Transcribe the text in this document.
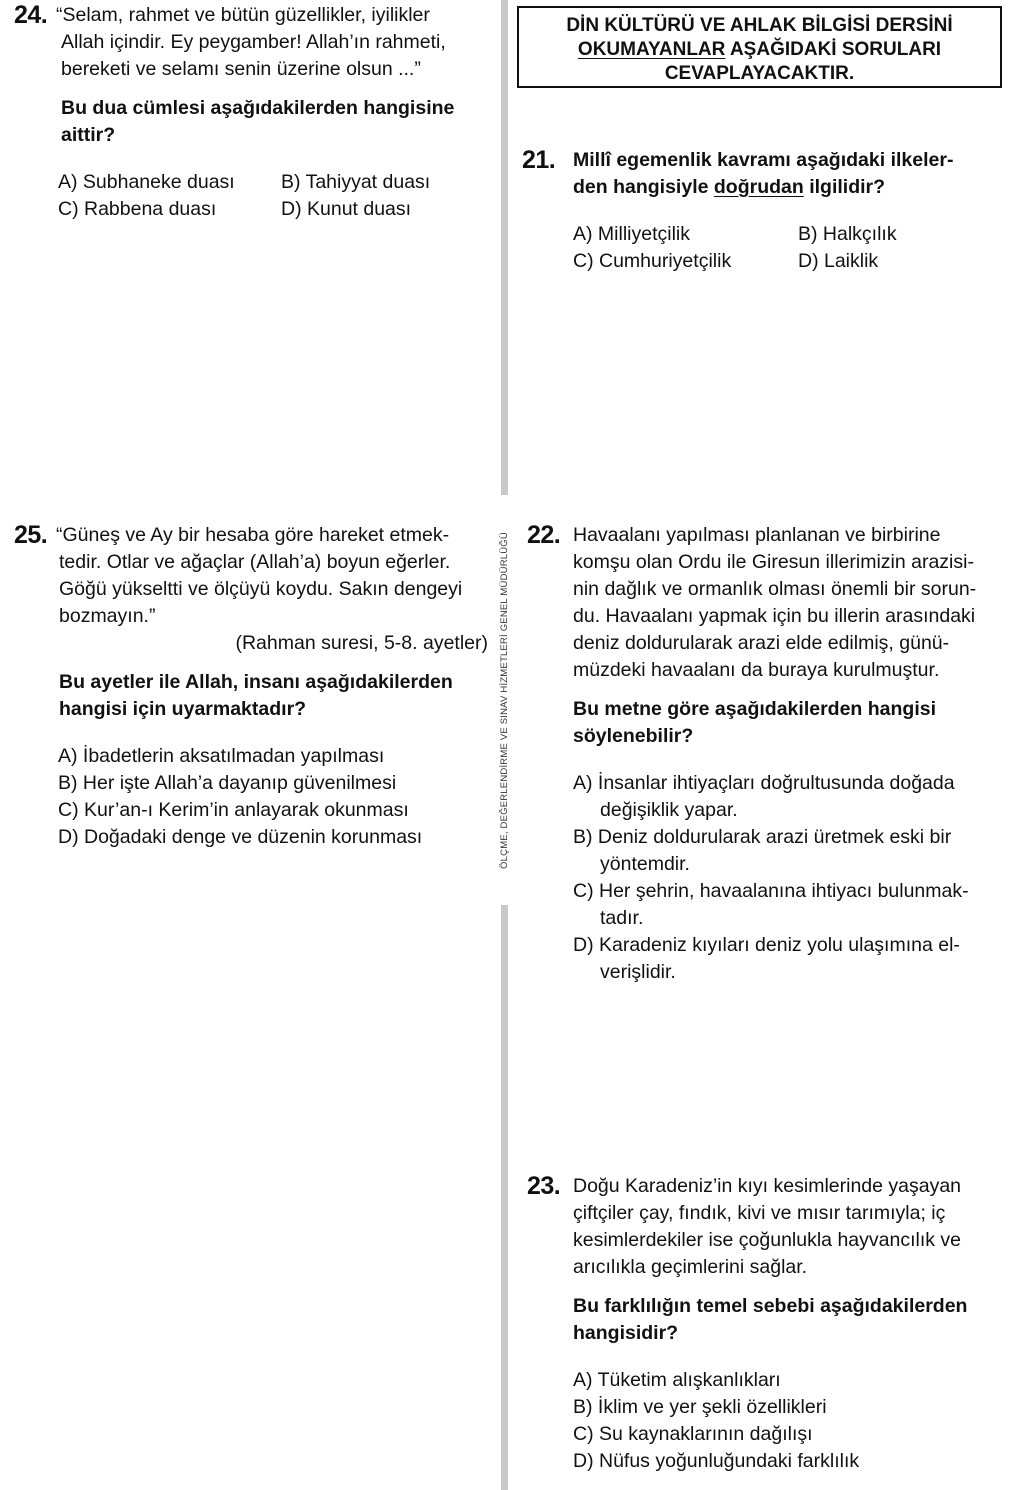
ÖLÇME, DEĞERLENDİRME VE SINAV HİZMETLERİ GENEL MÜDÜRLÜĞÜ
DİN KÜLTÜRÜ VE AHLAK BİLGİSİ DERSİNİ
OKUMAYANLAR AŞAĞIDAKİ SORULARI
CEVAPLAYACAKTIR.
24. “Selam, rahmet ve bütün güzellikler, iyilikler
Allah içindir. Ey peygamber! Allah’ın rahmeti,
bereketi ve selamı senin üzerine olsun ...”
Bu dua cümlesi aşağıdakilerden hangisine
aittir?
A) Subhaneke duası	B) Tahiyyat duası
C) Rabbena duası	D) Kunut duası
25. “Güneş ve Ay bir hesaba göre hareket etmek-
tedir. Otlar ve ağaçlar (Allah’a) boyun eğerler.
Göğü yükseltti ve ölçüyü koydu. Sakın dengeyi
bozmayın.”
(Rahman suresi, 5-8. ayetler)
Bu ayetler ile Allah, insanı aşağıdakilerden
hangisi için uyarmaktadır?
A) İbadetlerin aksatılmadan yapılması
B) Her işte Allah’a dayanıp güvenilmesi
C) Kur’an-ı Kerim’in anlayarak okunması
D) Doğadaki denge ve düzenin korunması
21. Millî egemenlik kavramı aşağıdaki ilkeler-
den hangisiyle doğrudan ilgilidir?
A) Milliyetçilik	B) Halkçılık
C) Cumhuriyetçilik	D) Laiklik
22. Havaalanı yapılması planlanan ve birbirine
komşu olan Ordu ile Giresun illerimizin arazisi-
nin dağlık ve ormanlık olması önemli bir sorun-
du. Havaalanı yapmak için bu illerin arasındaki
deniz doldurularak arazi elde edilmiş, günü-
müzdeki havaalanı da buraya kurulmuştur.
Bu metne göre aşağıdakilerden hangisi
söylenebilir?
A) İnsanlar ihtiyaçları doğrultusunda doğada
değişiklik yapar.
B) Deniz doldurularak arazi üretmek eski bir
yöntemdir.
C) Her şehrin, havaalanına ihtiyacı bulunmak-
tadır.
D) Karadeniz kıyıları deniz yolu ulaşımına el-
verişlidir.
23. Doğu Karadeniz’in kıyı kesimlerinde yaşayan
çiftçiler çay, fındık, kivi ve mısır tarımıyla; iç
kesimlerdekiler ise çoğunlukla hayvancılık ve
arıcılıkla geçimlerini sağlar.
Bu farklılığın temel sebebi aşağıdakilerden
hangisidir?
A) Tüketim alışkanlıkları
B) İklim ve yer şekli özellikleri
C) Su kaynaklarının dağılışı
D) Nüfus yoğunluğundaki farklılık
